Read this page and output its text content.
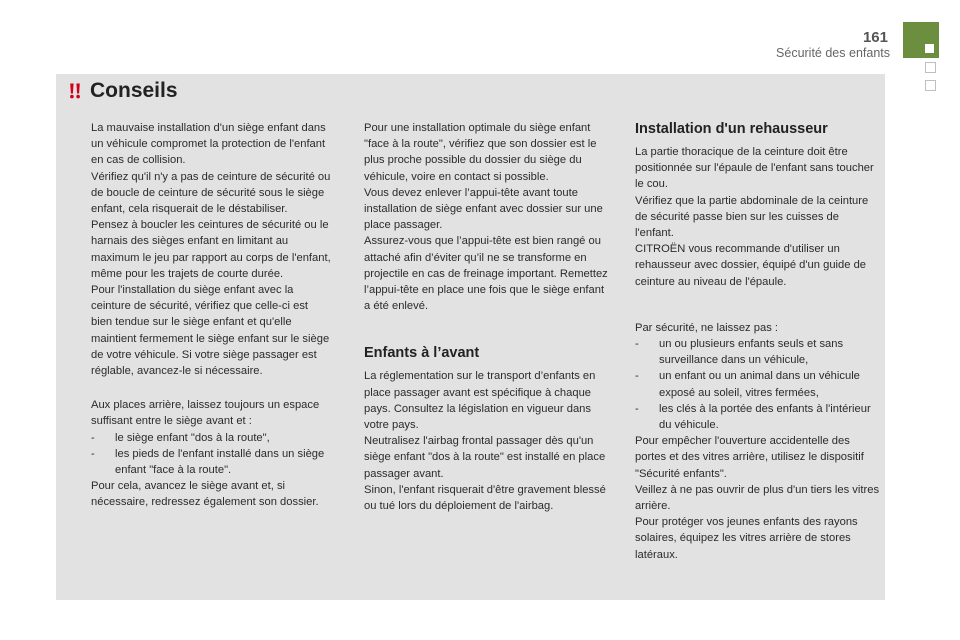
161
Sécurité des enfants
Conseils

La mauvaise installation d'un siège enfant dans un véhicule compromet la protection de l'enfant en cas de collision.

Vérifiez qu'il n'y a pas de ceinture de sécurité ou de boucle de ceinture de sécurité sous le siège enfant, cela risquerait de le déstabiliser.

Pensez à boucler les ceintures de sécurité ou le harnais des sièges enfant en limitant au maximum le jeu par rapport au corps de l'enfant, même pour les trajets de courte durée.

Pour l'installation du siège enfant avec la ceinture de sécurité, vérifiez que celle-ci est bien tendue sur le siège enfant et qu'elle maintient fermement le siège enfant sur le siège de votre véhicule. Si votre siège passager est réglable, avancez-le si nécessaire.

Aux places arrière, laissez toujours un espace suffisant entre le siège avant et :

-	le siège enfant "dos à la route",
-	les pieds de l'enfant installé dans un siège enfant "face à la route".

Pour cela, avancez le siège avant et, si nécessaire, redressez également son dossier.

Pour une installation optimale du siège enfant "face à la route", vérifiez que son dossier est le plus proche possible du dossier du siège du véhicule, voire en contact si possible.

Vous devez enlever l’appui-tête avant toute installation de siège enfant avec dossier sur une place passager.

Assurez-vous que l’appui-tête est bien rangé ou attaché afin d’éviter qu’il ne se transforme en projectile en cas de freinage important. Remettez l’appui-tête en place une fois que le siège enfant a été enlevé.

Enfants à l’avant

La réglementation sur le transport d’enfants en place passager avant est spécifique à chaque pays. Consultez la législation en vigueur dans votre pays.

Neutralisez l'airbag frontal passager dès qu'un siège enfant "dos à la route" est installé en place passager avant.

Sinon, l'enfant risquerait d'être gravement blessé ou tué lors du déploiement de l'airbag.

Installation d'un rehausseur

La partie thoracique de la ceinture doit être positionnée sur l'épaule de l'enfant sans toucher le cou.

Vérifiez que la partie abdominale de la ceinture de sécurité passe bien sur les cuisses de l'enfant.

CITROËN vous recommande d'utiliser un rehausseur avec dossier, équipé d'un guide de ceinture au niveau de l'épaule.

Par sécurité, ne laissez pas :

-	un ou plusieurs enfants seuls et sans surveillance dans un véhicule,
-	un enfant ou un animal dans un véhicule exposé au soleil, vitres fermées,
-	les clés à la portée des enfants à l'intérieur du véhicule.

Pour empêcher l'ouverture accidentelle des portes et des vitres arrière, utilisez le dispositif "Sécurité enfants".

Veillez à ne pas ouvrir de plus d'un tiers les vitres arrière.

Pour protéger vos jeunes enfants des rayons solaires, équipez les vitres arrière de stores latéraux.
